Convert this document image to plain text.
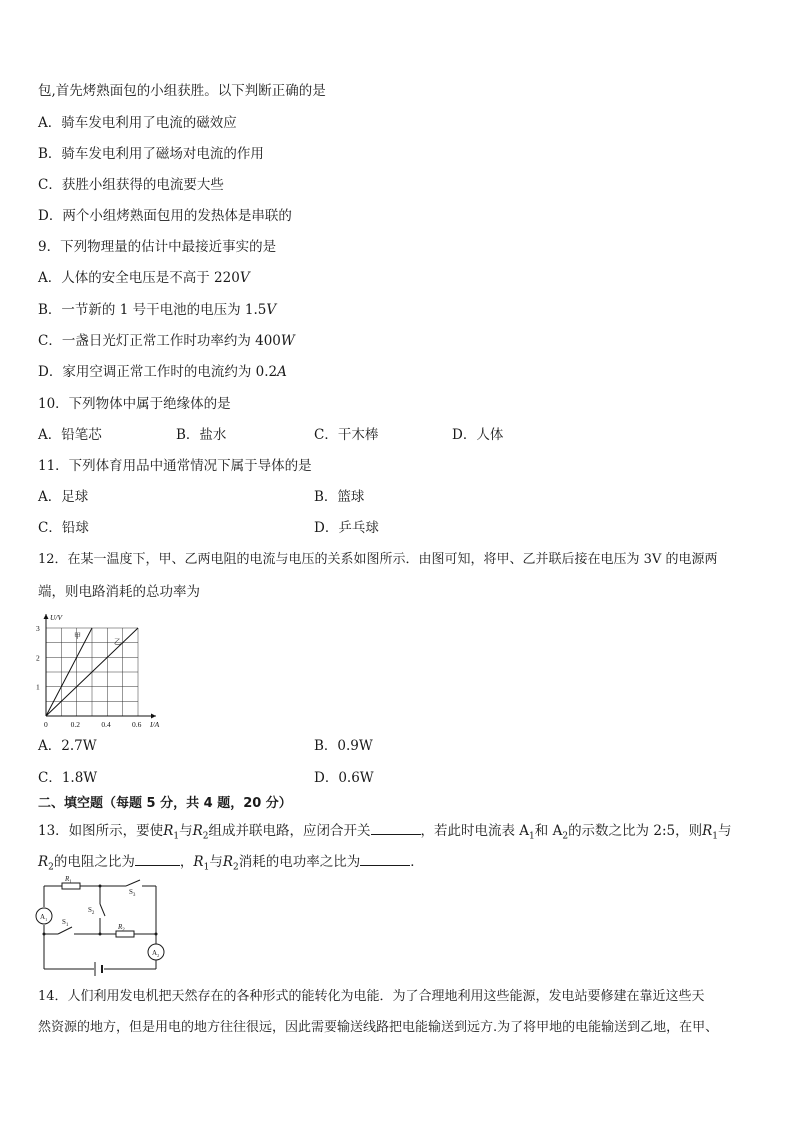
包,首先烤熟面包的小组获胜。以下判断正确的是
A．骑车发电利用了电流的磁效应
B．骑车发电利用了磁场对电流的作用
C．获胜小组获得的电流要大些
D．两个小组烤熟面包用的发热体是串联的
9．下列物理量的估计中最接近事实的是
A．人体的安全电压是不高于 220V
B．一节新的 1 号干电池的电压为 1.5V
C．一盏日光灯正常工作时功率约为 400W
D．家用空调正常工作时的电流约为 0.2A
10．下列物体中属于绝缘体的是
A．铅笔芯	B．盐水	C．干木棒	D．人体
11．下列体育用品中通常情况下属于导体的是
A．足球	B．篮球
C．铅球	D．乒乓球
12．在某一温度下，甲、乙两电阻的电流与电压的关系如图所示．由图可知，将甲、乙并联后接在电压为 3V 的电源两
端，则电路消耗的总功率为
甲
乙
0	0.2	0.4	0.6
1
2
3
U/V
I/A
A．2.7W	B．0.9W
C．1.8W	D．0.6W
二、填空题（每题 5 分，共 4 题，20 分）
13．如图所示，要使$R_1$与$R_2$组成并联电路，应闭合开关	，若此时电流表 $A_1$和 $A_2$的示数之比为 2:5，则$R_1$与
$R_2$的电阻之比为	，$R_1$与$R_2$消耗的电功率之比为	．
$R_1$
$R_2$
$S_3$
$S_2$
$S_1$
$A_1$
$A_2$
14．人们利用发电机把天然存在的各种形式的能转化为电能．为了合理地利用这些能源，发电站要修建在靠近这些天
然资源的地方，但是用电的地方往往很远，因此需要输送线路把电能输送到远方.为了将甲地的电能输送到乙地，在甲、
